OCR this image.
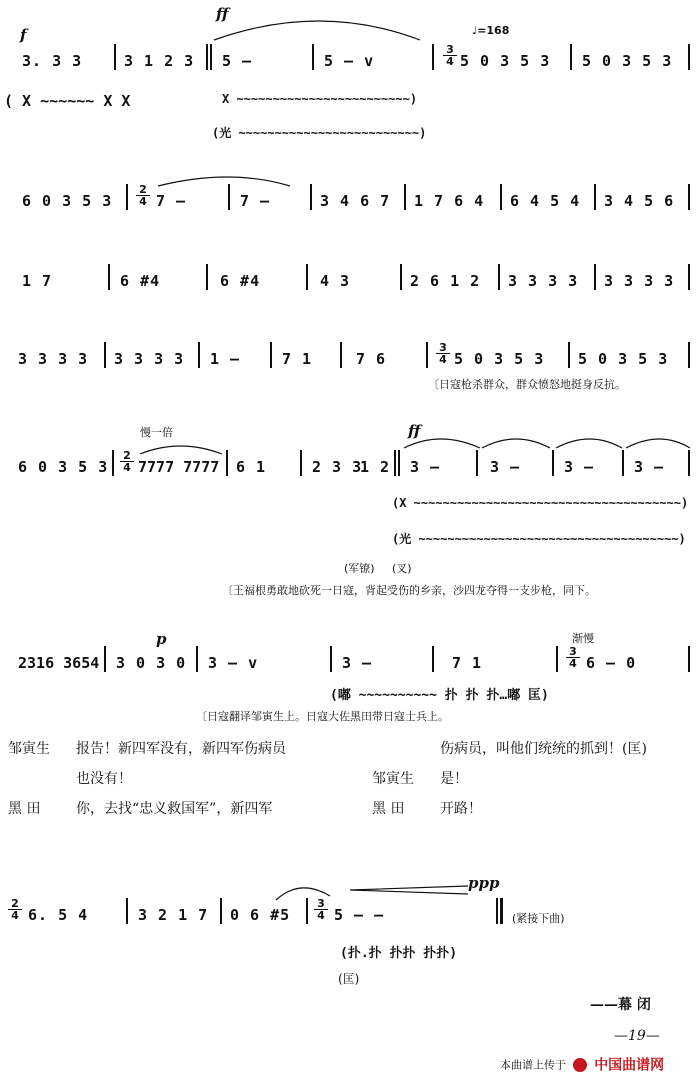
f
ff
♩=168
3. 3 3	3 1 2 3 5 –	5 – v
3
4 5 0 3 5 3 5 0 3 5 3
( X ~~~~~~ X X	X ~~~~~~~~~~~~~~~~~~~~~~~~)
(光 ~~~~~~~~~~~~~~~~~~~~~~~~~)
6 0 3 5 3
2
4 7 –	7 –	3 4 6 7 1 7 6 4 6 4 5 4 3 4 5 6
1 7	6 #4	6 #4	4 3	2 6 1 2 3 3 3 3 3 3 3 3
3 3 3 3 3 3 3 3 1 –	7 1	7 6
3
4 5 0 3 5 3 5 0 3 5 3
〔日寇枪杀群众，群众愤怒地挺身反抗。
慢一倍	ff
6 0 3 5 3
2
4 7777 7777 6 1	2 3 3
1 2 3 –	3 –	3 –	3 –
(X ~~~~~~~~~~~~~~~~~~~~~~~~~~~~~~~~~~~~~)
(光 ~~~~~~~~~~~~~~~~~~~~~~~~~~~~~~~~~~~~)
(军镣) (叉)
〔王福根勇敢地砍死一日寇，背起受伤的乡亲，沙四龙夺得一支步枪，同下。
p	渐慢
2316 3654 3 0 3 0 3 – v	3 –	7 1
3
4 6 – 0
(嘟 ~~~~~~~~~~ 扑 扑 扑…嘟 匡)
〔日寇翻译邹寅生上。日寇大佐黑田带日寇士兵上。
邹寅生 报告！新四军没有，新四军伤病员
也没有！
黑 田	你，去找“忠义救国军”，新四军
伤病员，叫他们统统的抓到！(匡)
邹寅生 是！
黑 田	开路！
ppp
2
4 6. 5 4	3 2 1 7 0 6 #5
3
4 5 – –	(紧接下曲)
(扑.扑 扑扑 扑扑)
(匡)
——幕 闭
—19—
本曲谱上传于 中国曲谱网
